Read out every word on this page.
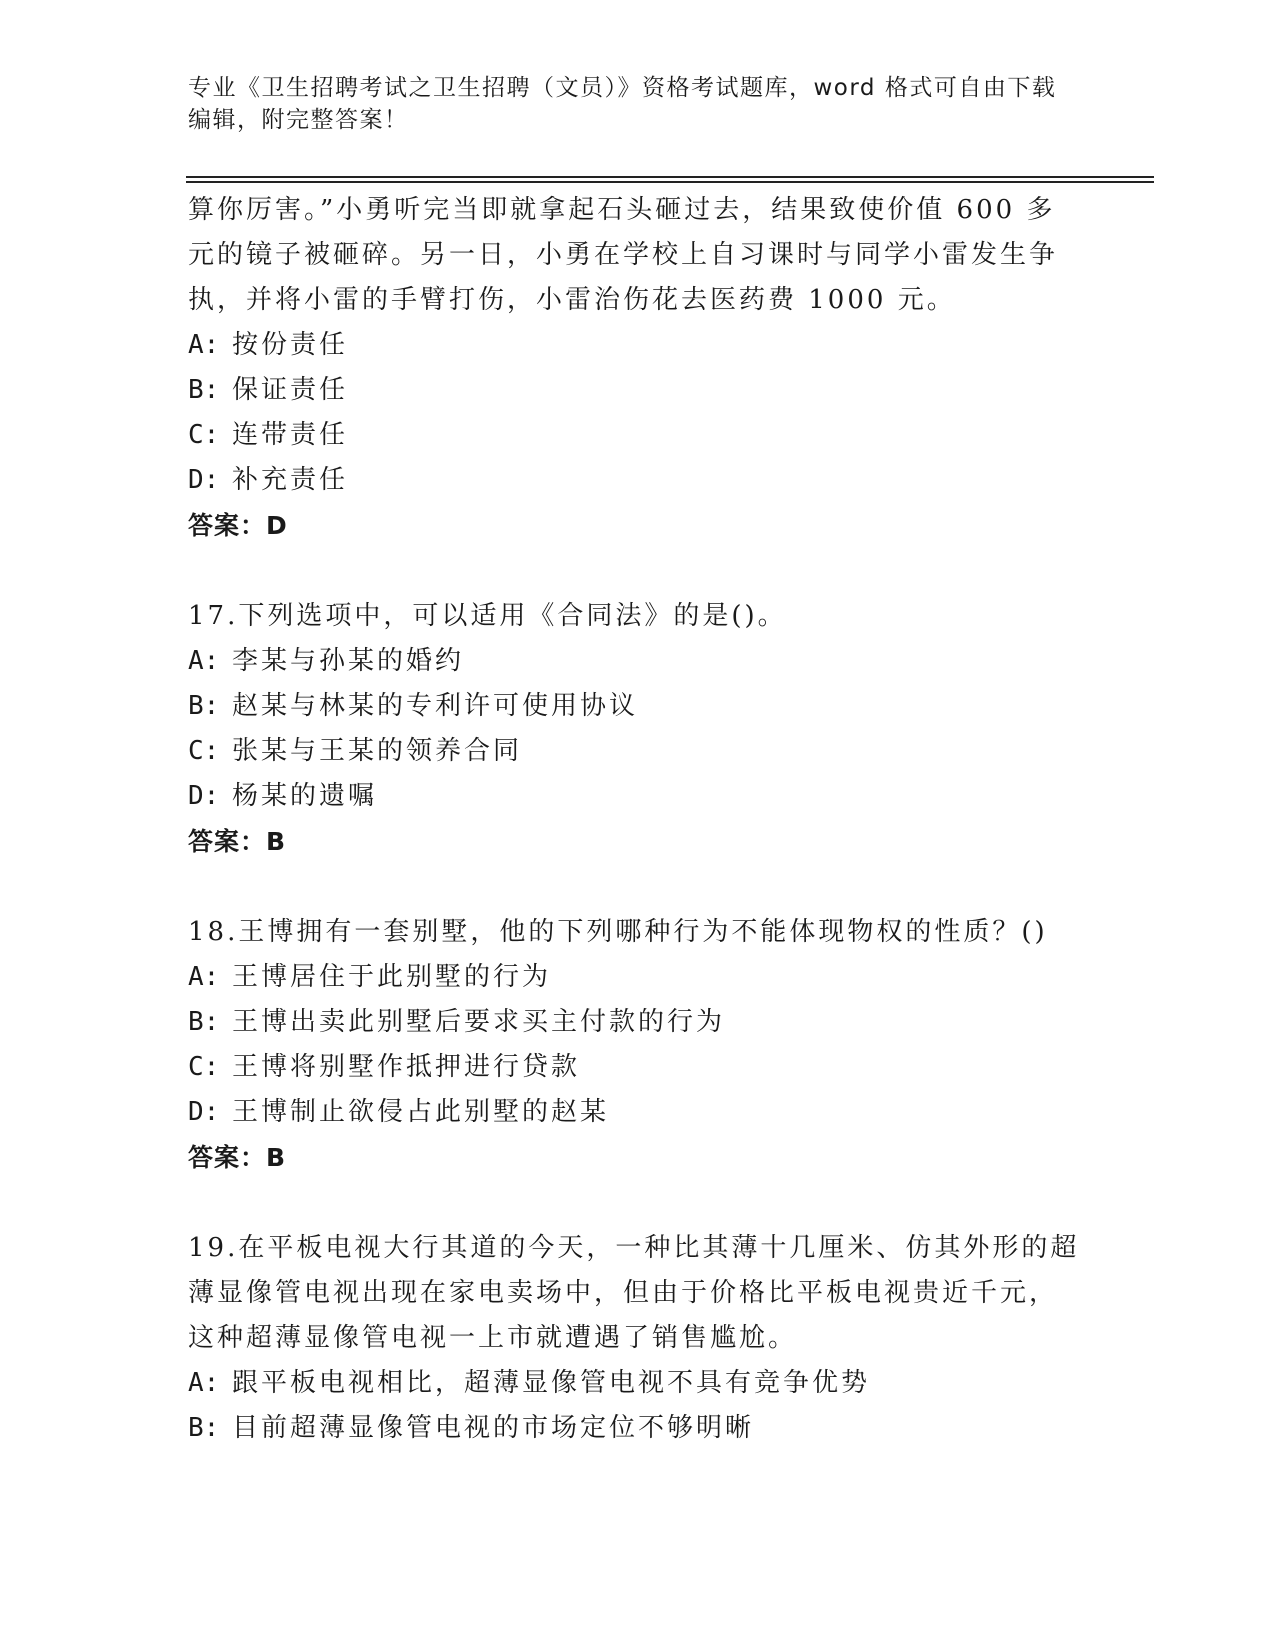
专业《卫生招聘考试之卫生招聘（文员）》资格考试题库，word 格式可自由下载
编辑，附完整答案！
算你厉害。”小勇听完当即就拿起石头砸过去，结果致使价值 600 多
元的镜子被砸碎。另一日，小勇在学校上自习课时与同学小雷发生争
执，并将小雷的手臂打伤，小雷治伤花去医药费 1000 元。
A: 按份责任
B: 保证责任
C: 连带责任
D: 补充责任
答案：D
17.下列选项中，可以适用《合同法》的是()。
A: 李某与孙某的婚约
B: 赵某与林某的专利许可使用协议
C: 张某与王某的领养合同
D: 杨某的遗嘱
答案：B
18.王博拥有一套别墅，他的下列哪种行为不能体现物权的性质？()
A: 王博居住于此别墅的行为
B: 王博出卖此别墅后要求买主付款的行为
C: 王博将别墅作抵押进行贷款
D: 王博制止欲侵占此别墅的赵某
答案：B
19.在平板电视大行其道的今天，一种比其薄十几厘米、仿其外形的超
薄显像管电视出现在家电卖场中，但由于价格比平板电视贵近千元，
这种超薄显像管电视一上市就遭遇了销售尴尬。
A: 跟平板电视相比，超薄显像管电视不具有竞争优势
B: 目前超薄显像管电视的市场定位不够明晰
